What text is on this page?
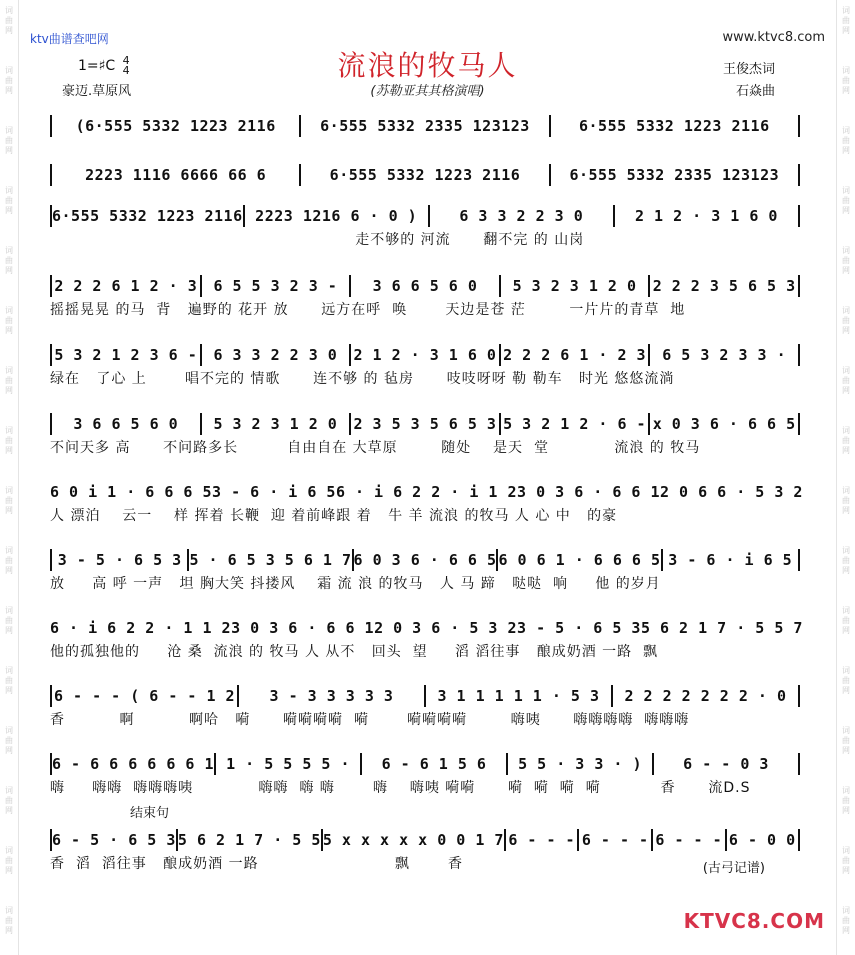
词曲网
词曲网
词曲网
词曲网
词曲网
词曲网
词曲网
词曲网
词曲网
词曲网
词曲网
词曲网
词曲网
词曲网
词曲网
词曲网
词曲网
词曲网
词曲网
词曲网
词曲网
词曲网
词曲网
词曲网
词曲网
词曲网
词曲网
词曲网
词曲网
词曲网
词曲网
词曲网
ktv曲谱查吧网	www.ktvc8.com
流浪的牧马人
(苏勒亚其其格演唱)
1=♯C 4
4
豪迈.草原风
王俊杰词
石焱曲
(6·555 5332 1223 2116	6·555 5332 2335 123123	6·555 5332 1223 2116
2223 1116 6666 66 6	6·555 5332 1223 2116	6·555 5332 2335 123123
6·555 5332 1223 2116 2223 1216 6 · 0 )	6 3 3 2 2 3 0	2 1 2 · 3 1 6 0
走不够的 河流      翻不完 的 山岗
2 2 2 6 1 2 · 3	6 5 5 3 2 3 -	3 6 6 5 6 0	5 3 2 3 1 2 0	2 2 2 3 5 6 5 3
摇摇晃晃 的马  背   遍野的 花开 放      远方在呼  唤       天边是苍 茫        一片片的青草  地
5 3 2 1 2 3 6 -	6 3 3 2 2 3 0	2 1 2 · 3 1 6 0 2 2 2 6 1 · 2 3	6 5 3 2 3 3 ·
绿在   了心 上       唱不完的 情歌      连不够 的 毡房      吱吱呀呀 勒 勒车   时光 悠悠流淌
3 6 6 5 6 0	5 3 2 3 1 2 0	2 3 5 3 5 6 5 3 5 3 2 1 2 · 6 - x 0 3 6 · 6 6 5
不问天多 高      不问路多长         自由自在 大草原        随处    是天  堂            流浪 的 牧马
6 0 i 1 · 6 6 6 5 3 - 6 · i 6 5 6 · i 6 2 2 · i 1 2 3 0 3 6 · 6 6 1 2 0 6 6 · 5 3 2
人 漂泊    云一    样 挥着 长鞭  迎 着前峰跟 着   牛 羊 流浪 的牧马 人 心 中   的豪
3 - 5 · 6 5 3 5 · 6 5 3 5 6 1 7 6 0 3 6 · 6 6 5 6 0 6 1 · 6 6 6 5 3 - 6 · i 6 5
放     高 呼 一声   坦 胸大笑 抖搂风    霜 流 浪 的牧马   人 马 蹄   哒哒  响     他 的岁月
6 · i 6 2 2 · 1 1 2 3 0 3 6 · 6 6 1 2 0 3 6 · 5 3 2 3 - 5 · 6 5 3 5 6 2 1 7 · 5 5 7
他的孤独他的     沧 桑  流浪 的 牧马 人 从不   回头  望     滔 滔往事   酿成奶酒 一路  飘
6 - - - ( 6 - - 1 2	3 - 3 3 3 3 3	3 1 1 1 1 1 · 5 3	2 2 2 2 2 2 2 · 0
香          啊          啊哈   嗬      嗬嗬嗬嗬  嗬       嗬嗬嗬嗬        嗨咦      嗨嗨嗨嗨  嗨嗨嗨
6 - 6 6 6 6 6 6 1 1 · 5 5 5 5 ·	6 - 6 1 5 6	5 5 · 3 3 · )	6 - - 0 3
嗨     嗨嗨  嗨嗨嗨咦            嗨嗨  嗨 嗨       嗨    嗨咦 嗬嗬      嗬  嗬  嗬  嗬           香      流D.S
6 - 5 · 6 5 3 5 6 2 1 7 · 5 5 5 x x x x x 0 0 1 7 6 - - - 6 - - - 6 - - - 6 - 0 0
香  滔  滔往事   酿成奶酒 一路                         飘       香
结束句
(古弓记谱)
KTVC8.COM
